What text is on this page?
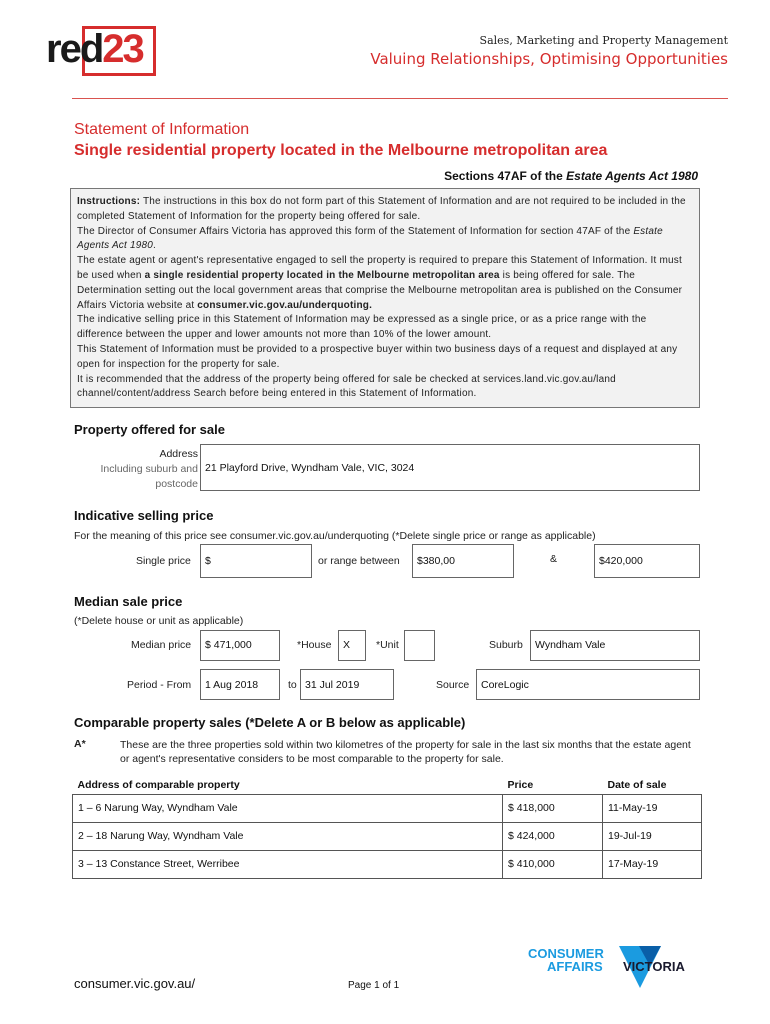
red 23	Sales, Marketing and Property Management
Valuing Relationships, Optimising Opportunities
Statement of Information
Single residential property located in the Melbourne metropolitan area
Sections 47AF of the Estate Agents Act 1980

Instructions: The instructions in this box do not form part of this Statement of Information and are not required to be included in the completed Statement of Information for the property being offered for sale.

The Director of Consumer Affairs Victoria has approved this form of the Statement of Information for section 47AF of the Estate Agents Act 1980.

The estate agent or agent's representative engaged to sell the property is required to prepare this Statement of Information. It must be used when a single residential property located in the Melbourne metropolitan area is being offered for sale. The Determination setting out the local government areas that comprise the Melbourne metropolitan area is published on the Consumer Affairs Victoria website at consumer.vic.gov.au/underquoting.

The indicative selling price in this Statement of Information may be expressed as a single price, or as a price range with the difference between the upper and lower amounts not more than 10% of the lower amount.

This Statement of Information must be provided to a prospective buyer within two business days of a request and displayed at any open for inspection for the property for sale.

It is recommended that the address of the property being offered for sale be checked at services.land.vic.gov.au/land channel/content/address Search before being entered in this Statement of Information.

Property offered for sale
Address
Including suburb and
postcode
21 Playford Drive, Wyndham Vale, VIC, 3024
Indicative selling price
For the meaning of this price see consumer.vic.gov.au/underquoting (*Delete single price or range as applicable)
Single price	$	or range between	$380,00	&	$420,000
Median sale price
(*Delete house or unit as applicable)
Median price	$ 471,000	*House	X	*Unit	Suburb	Wyndham Vale
Period - From	1 Aug 2018	to 31 Jul 2019	Source	CoreLogic
Comparable property sales (*Delete A or B below as applicable)
A*	These are the three properties sold within two kilometres of the property for sale in the last six months that the estate agent or agent's representative considers to be most comparable to the property for sale.
Address of comparable property	Price	Date of sale
1 – 6 Narung Way, Wyndham Vale	$ 418,000	11-May-19
2 – 18 Narung Way, Wyndham Vale	$ 424,000	19-Jul-19
3 – 13 Constance Street, Werribee	$ 410,000	17-May-19
consumer.vic.gov.au/	Page 1 of 1
CONSUMER
AFFAIRS VICTORIA
